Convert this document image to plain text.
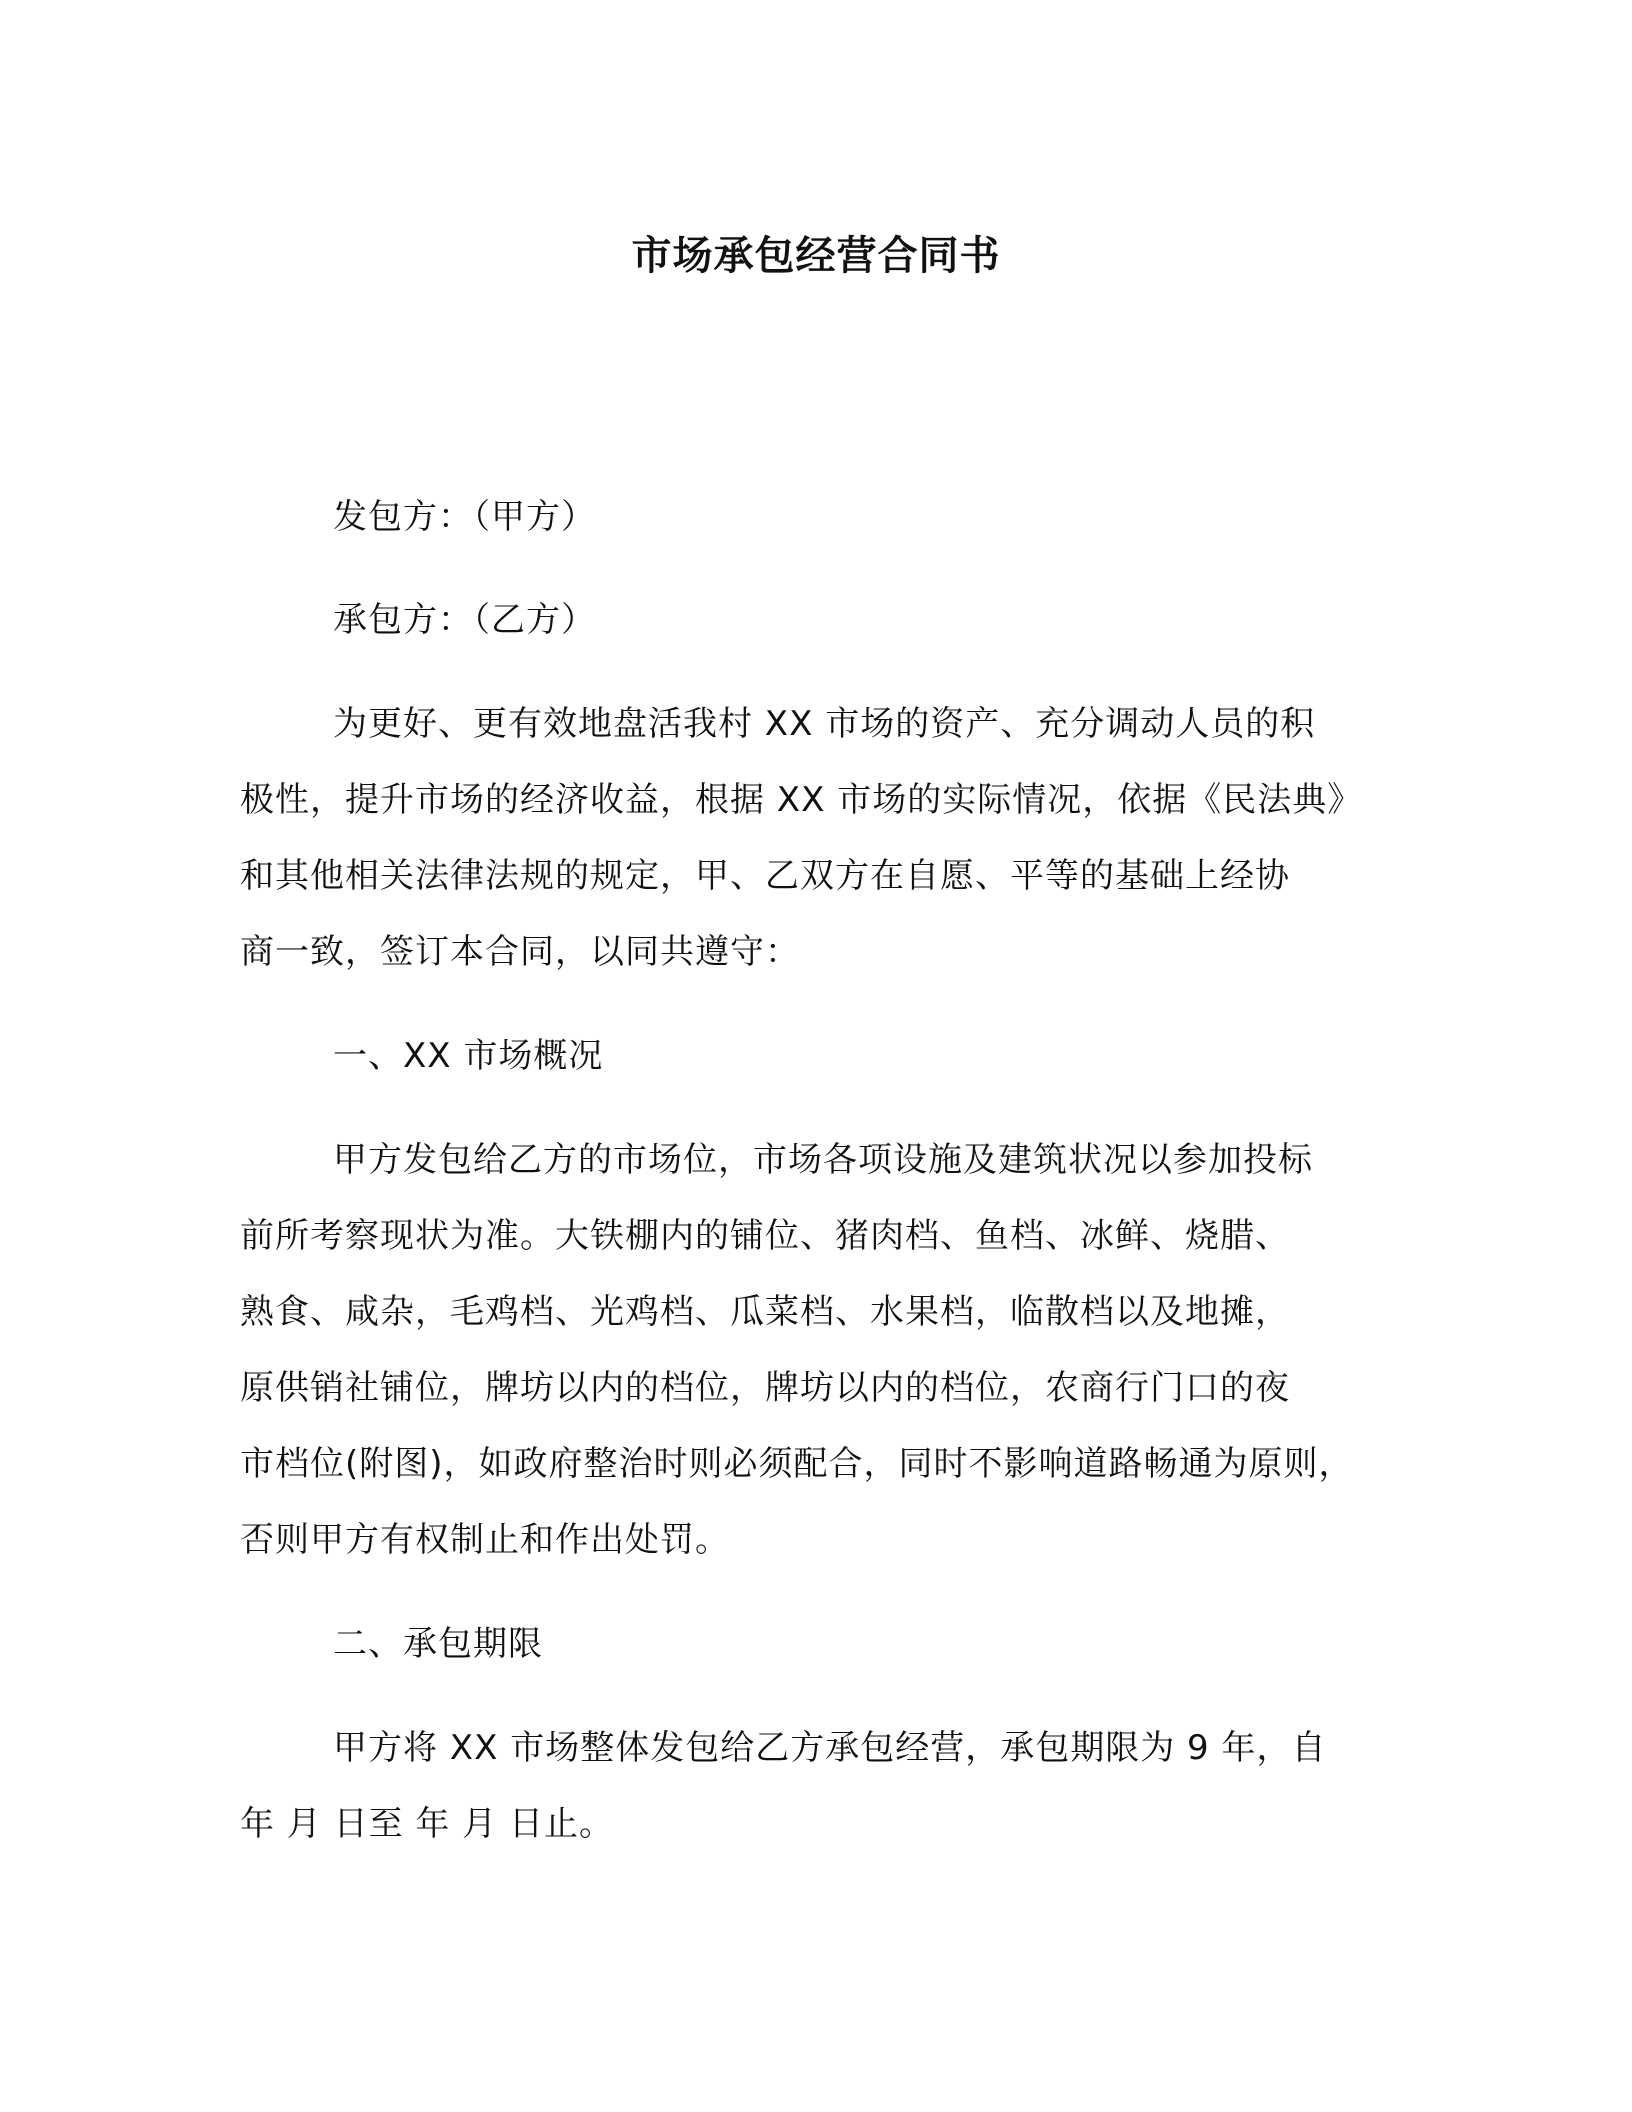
市场承包经营合同书
发包方：（甲方）
承包方：（乙方）
为更好、更有效地盘活我村 XX 市场的资产、充分调动人员的积
极性，提升市场的经济收益，根据 XX 市场的实际情况，依据《民法典》
和其他相关法律法规的规定，甲、乙双方在自愿、平等的基础上经协
商一致，签订本合同，以同共遵守：
一、XX 市场概况
甲方发包给乙方的市场位，市场各项设施及建筑状况以参加投标
前所考察现状为准。大铁棚内的铺位、猪肉档、鱼档、冰鲜、烧腊、
熟食、咸杂，毛鸡档、光鸡档、瓜菜档、水果档，临散档以及地摊，
原供销社铺位，牌坊以内的档位，牌坊以内的档位，农商行门口的夜
市档位(附图)，如政府整治时则必须配合，同时不影响道路畅通为原则，
否则甲方有权制止和作出处罚。
二、承包期限
甲方将 XX 市场整体发包给乙方承包经营，承包期限为 9 年，自
年 月 日至 年 月 日止。
